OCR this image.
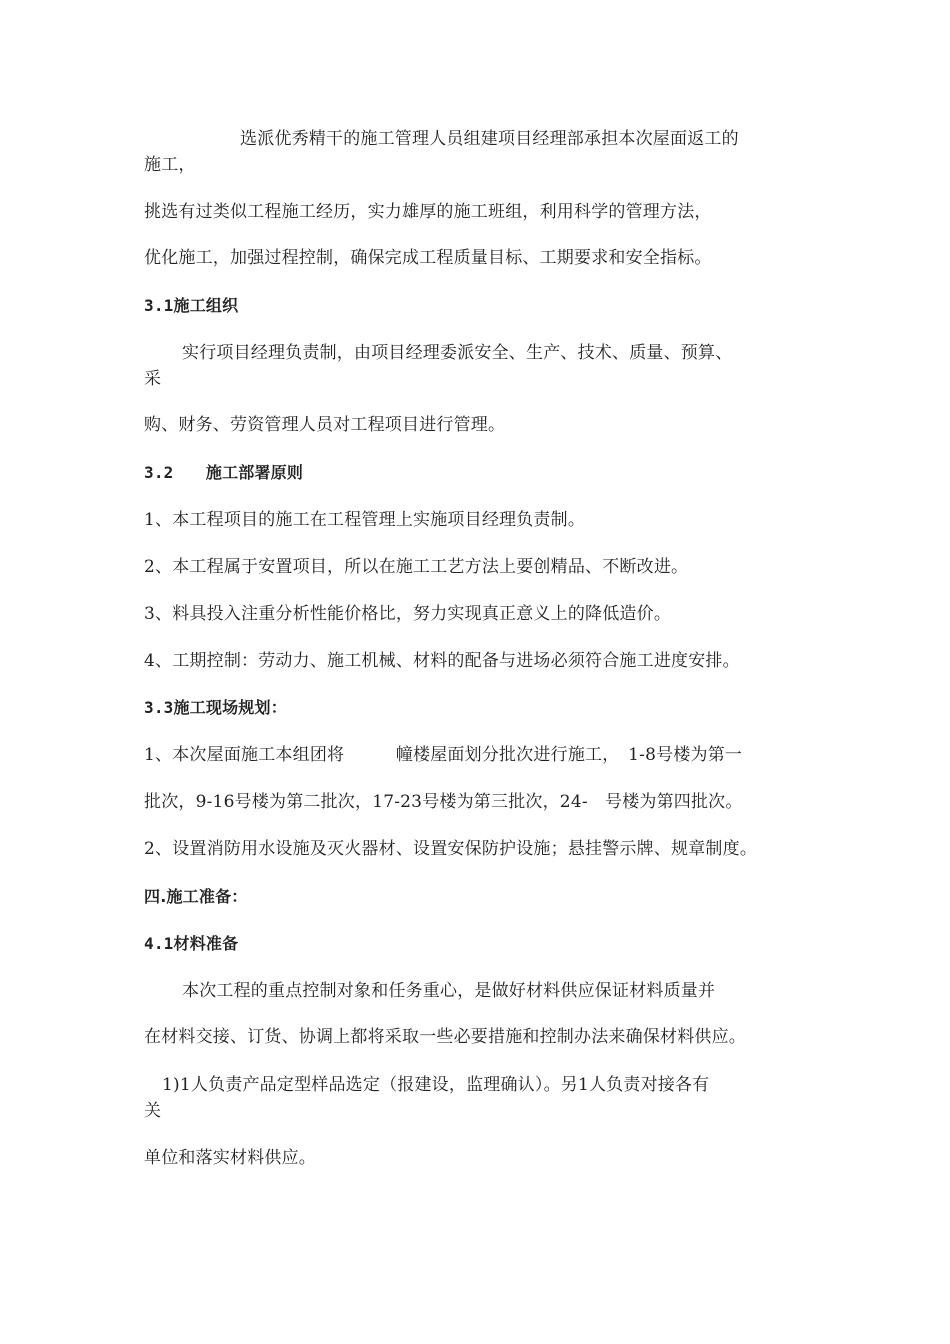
选派优秀精干的施工管理人员组建项目经理部承担本次屋面返工的
施工，
挑选有过类似工程施工经历，实力雄厚的施工班组，利用科学的管理方法，
优化施工，加强过程控制，确保完成工程质量目标、工期要求和安全指标。
3.1施工组织
实行项目经理负责制，由项目经理委派安全、生产、技术、质量、预算、
采
购、财务、劳资管理人员对工程项目进行管理。
3.2　　施工部署原则
1、本工程项目的施工在工程管理上实施项目经理负责制。
2、本工程属于安置项目，所以在施工工艺方法上要创精品、不断改进。
3、料具投入注重分析性能价格比，努力实现真正意义上的降低造价。
4、工期控制：劳动力、施工机械、材料的配备与进场必须符合施工进度安排。
3.3施工现场规划：
1、本次屋面施工本组团将　　　幢楼屋面划分批次进行施工，　1-8号楼为第一
批次，9-16号楼为第二批次，17-23号楼为第三批次，24-　号楼为第四批次。
2、设置消防用水设施及灭火器材、设置安保防护设施；悬挂警示牌、规章制度。
四.施工准备：
4.1材料准备
本次工程的重点控制对象和任务重心，是做好材料供应保证材料质量并
在材料交接、订货、协调上都将采取一些必要措施和控制办法来确保材料供应。
1)1人负责产品定型样品选定（报建设，监理确认）。另1人负责对接各有
关
单位和落实材料供应。
